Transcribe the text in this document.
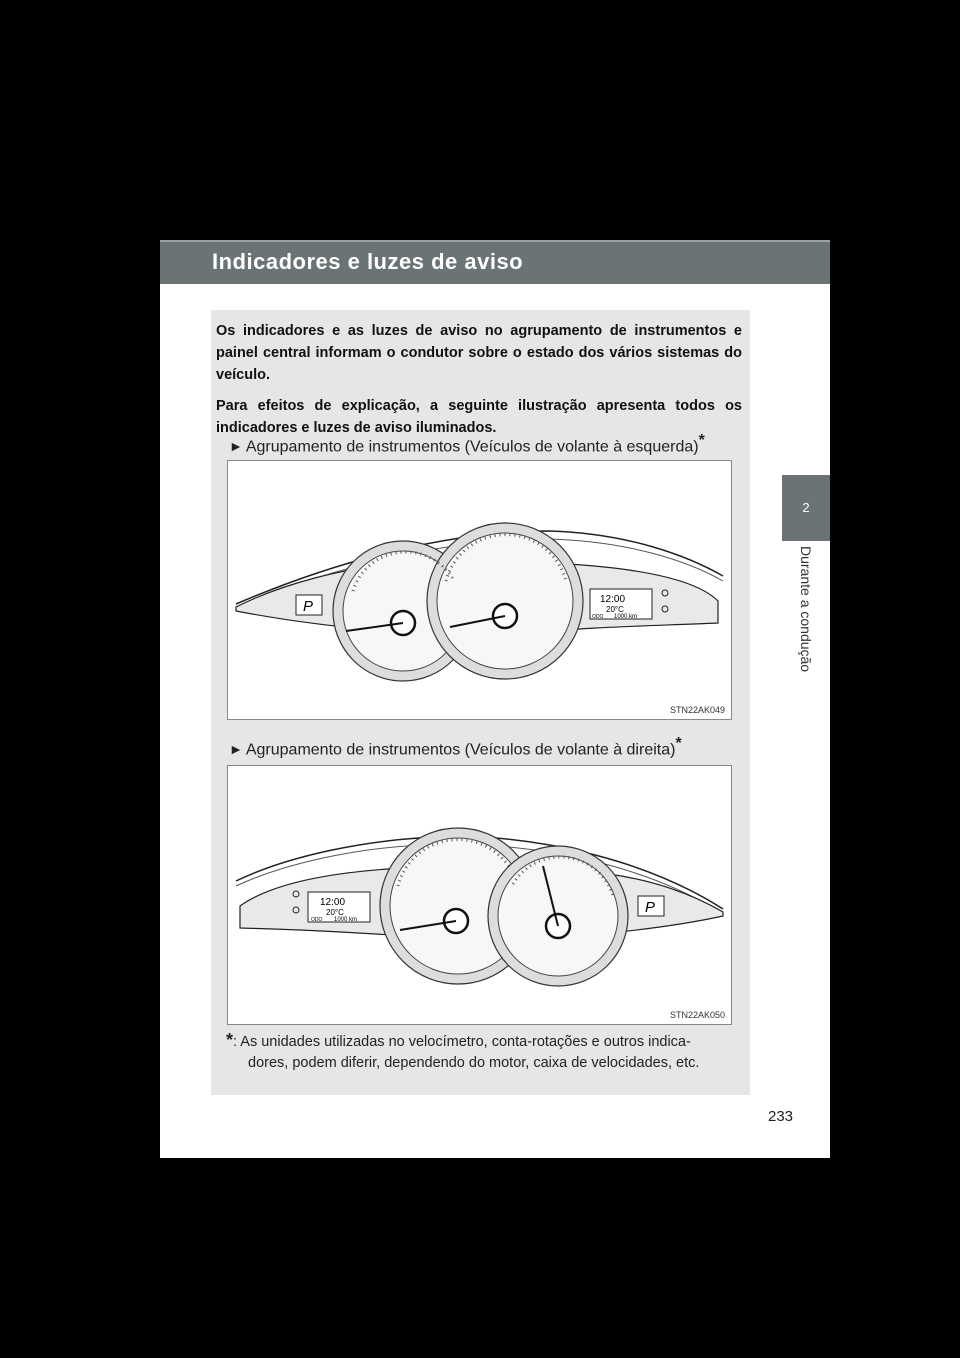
Indicadores e luzes de aviso
2
Durante a condução
233

Os indicadores e as luzes de aviso no agrupamento de instrumentos e painel central informam o condutor sobre o estado dos vários sistemas do veículo.

Para efeitos de explicação, a seguinte ilustração apresenta todos os indicadores e luzes de aviso iluminados.

► Agrupamento de instrumentos (Veículos de volante à esquerda)*
P	12:00
20°C
ODO 1000 km
STN22AK049
► Agrupamento de instrumentos (Veículos de volante à direita)*
12:00
20°C
ODO 1000 km
P
STN22AK050
*: As unidades utilizadas no velocímetro, conta-rotações e outros indica-
dores, podem diferir, dependendo do motor, caixa de velocidades, etc.
